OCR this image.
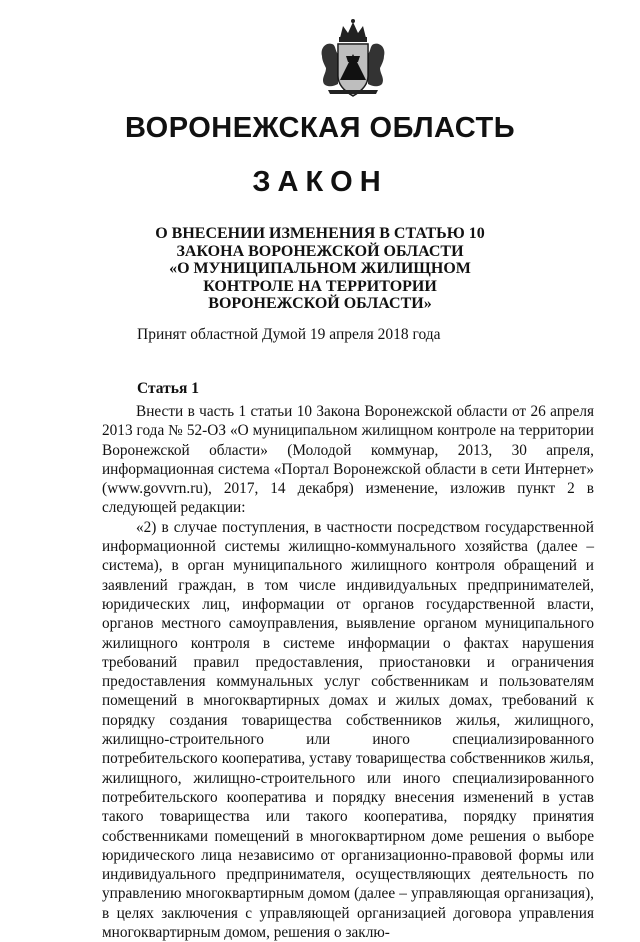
ВОРОНЕЖСКАЯ ОБЛАСТЬ
ЗАКОН
О ВНЕСЕНИИ ИЗМЕНЕНИЯ В СТАТЬЮ 10
ЗАКОНА ВОРОНЕЖСКОЙ ОБЛАСТИ
«О МУНИЦИПАЛЬНОМ ЖИЛИЩНОМ
КОНТРОЛЕ НА ТЕРРИТОРИИ
ВОРОНЕЖСКОЙ ОБЛАСТИ»
Принят областной Думой 19 апреля 2018 года
Статья 1

Внести в часть 1 статьи 10 Закона Воронежской области от 26 апреля 2013 года № 52-ОЗ «О муниципальном жилищном контроле на территории Воронежской области» (Молодой коммунар, 2013, 30 апреля, информационная система «Портал Воронежской области в сети Интернет» (www.govvrn.ru), 2017, 14 декабря) изменение, изложив пункт 2 в следующей редакции:

«2) в случае поступления, в частности посредством государственной информационной системы жилищно-коммунального хозяйства (далее – система), в орган муниципального жилищного контроля обращений и заявлений граждан, в том числе индивидуальных предпринимателей, юридических лиц, информации от органов государственной власти, органов местного самоуправления, выявление органом муниципального жилищного контроля в системе информации о фактах нарушения требований правил предоставления, приостановки и ограничения предоставления коммунальных услуг собственникам и пользователям помещений в многоквартирных домах и жилых домах, требований к порядку создания товарищества собственников жилья, жилищного, жилищно-строительного или иного специализированного потребительского кооператива, уставу товарищества собственников жилья, жилищного, жилищно-строительного или иного специализированного потребительского кооператива и порядку внесения изменений в устав такого товарищества или такого кооператива, порядку принятия собственниками помещений в многоквартирном доме решения о выборе юридического лица независимо от организационно-правовой формы или индивидуального предпринимателя, осуществляющих деятельность по управлению многоквартирным домом (далее – управляющая организация), в целях заключения с управляющей организацией договора управления многоквартирным домом, решения о заклю-
